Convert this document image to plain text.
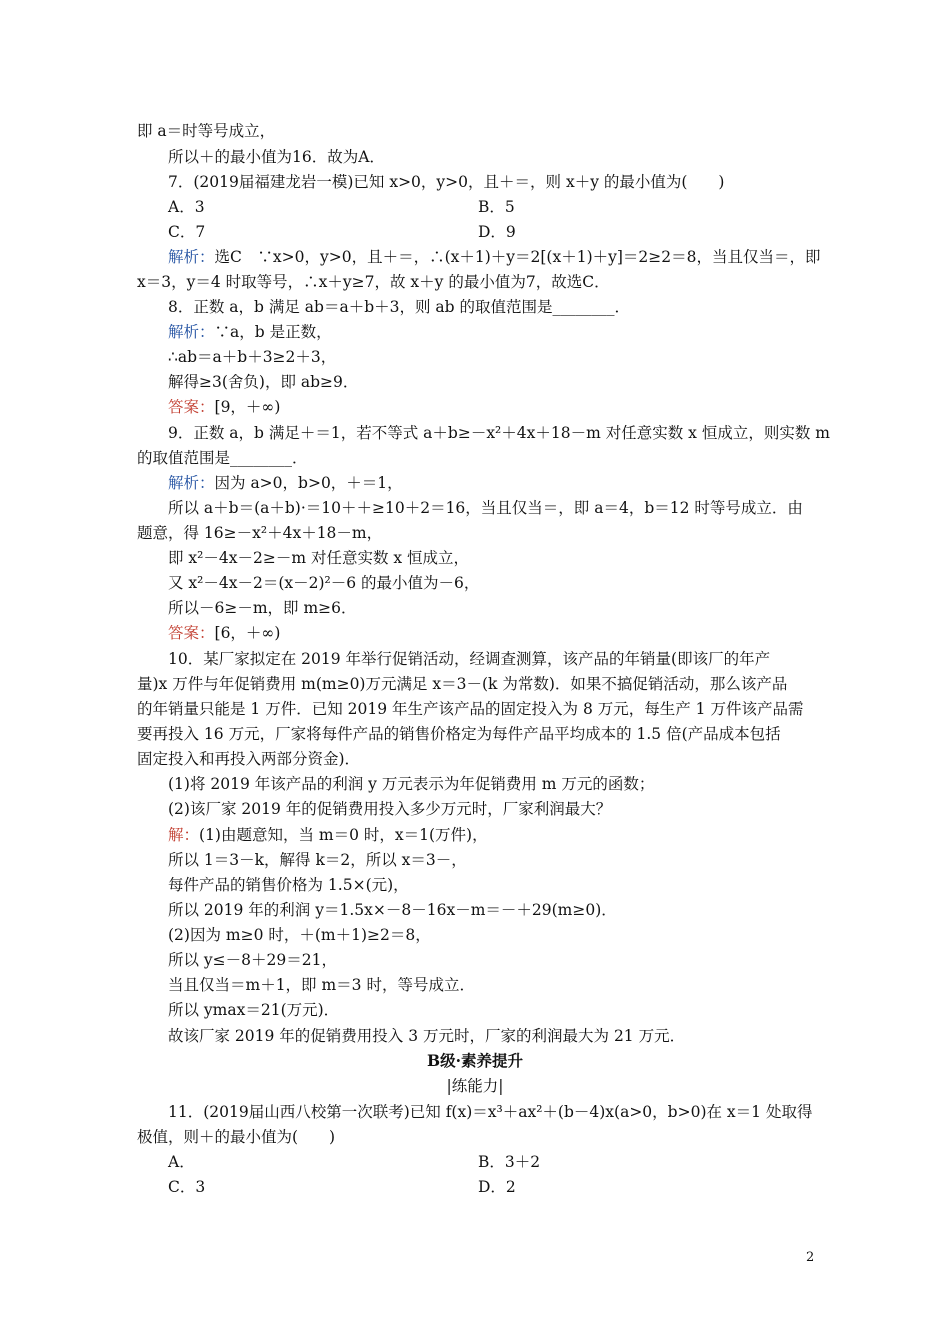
即 a＝时等号成立，
所以＋的最小值为16．故为A．
7．(2019届福建龙岩一模)已知 x>0，y>0，且＋＝，则 x＋y 的最小值为(　　)
A．3	B．5
C．7	D．9
解析：选C　∵x>0，y>0，且＋＝，∴(x＋1)＋y＝2[(x＋1)＋y]＝2≥2＝8，当且仅当＝，即
x＝3，y＝4 时取等号，∴x＋y≥7，故 x＋y 的最小值为7，故选C．
8．正数 a，b 满足 ab＝a＋b＋3，则 ab 的取值范围是________．
解析：∵a，b 是正数，
∴ab＝a＋b＋3≥2＋3，
解得≥3(舍负)，即 ab≥9．
答案：[9，＋∞)
9．正数 a，b 满足＋＝1，若不等式 a＋b≥－x²＋4x＋18－m 对任意实数 x 恒成立，则实数 m
的取值范围是________．
解析：因为 a>0，b>0，＋＝1，
所以 a＋b＝(a＋b)·＝10＋＋≥10＋2＝16，当且仅当＝，即 a＝4，b＝12 时等号成立．由
题意，得 16≥－x²＋4x＋18－m，
即 x²－4x－2≥－m 对任意实数 x 恒成立，
又 x²－4x－2＝(x－2)²－6 的最小值为－6，
所以－6≥－m，即 m≥6．
答案：[6，＋∞)
10．某厂家拟定在 2019 年举行促销活动，经调查测算，该产品的年销量(即该厂的年产
量)x 万件与年促销费用 m(m≥0)万元满足 x＝3－(k 为常数)．如果不搞促销活动，那么该产品
的年销量只能是 1 万件．已知 2019 年生产该产品的固定投入为 8 万元，每生产 1 万件该产品需
要再投入 16 万元，厂家将每件产品的销售价格定为每件产品平均成本的 1.5 倍(产品成本包括
固定投入和再投入两部分资金)．
(1)将 2019 年该产品的利润 y 万元表示为年促销费用 m 万元的函数；
(2)该厂家 2019 年的促销费用投入多少万元时，厂家利润最大？
解：(1)由题意知，当 m＝0 时，x＝1(万件)，
所以 1＝3－k，解得 k＝2，所以 x＝3－，
每件产品的销售价格为 1.5×(元)，
所以 2019 年的利润 y＝1.5x×－8－16x－m＝－＋29(m≥0)．
(2)因为 m≥0 时，＋(m＋1)≥2＝8，
所以 y≤－8＋29＝21，
当且仅当＝m＋1，即 m＝3 时，等号成立．
所以 ymax＝21(万元)．
故该厂家 2019 年的促销费用投入 3 万元时，厂家的利润最大为 21 万元．
B级·素养提升
|练能力|
11．(2019届山西八校第一次联考)已知 f(x)＝x³＋ax²＋(b－4)x(a>0，b>0)在 x＝1 处取得
极值，则＋的最小值为(　　)
A．	B．3＋2
C．3	D．2
2
